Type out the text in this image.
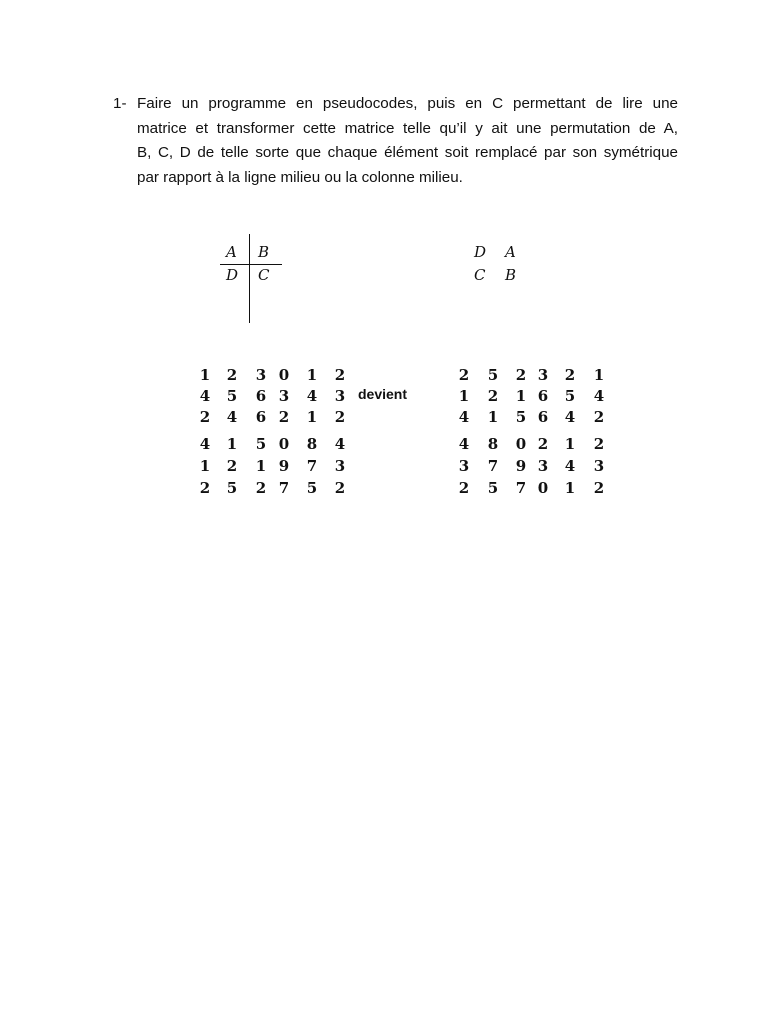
1- Faire un programme en pseudocodes, puis en C permettant de lire une
matrice et transformer cette matrice telle qu’il y ait une permutation de A,
B, C, D de telle sorte que chaque élément soit remplacé par son symétrique
par rapport à la ligne milieu ou la colonne milieu.
A B
D C
D A
C B
1 2 3 0 1 2
4 5 6 3 4 3
2 4 6 2 1 2
4 1 5 0 8 4
1 2 1 9 7 3
2 5 2 7 5 2
devient
2 5 2 3 2 1
1 2 1 6 5 4
4 1 5 6 4 2
4 8 0 2 1 2
3 7 9 3 4 3
2 5 7 0 1 2
